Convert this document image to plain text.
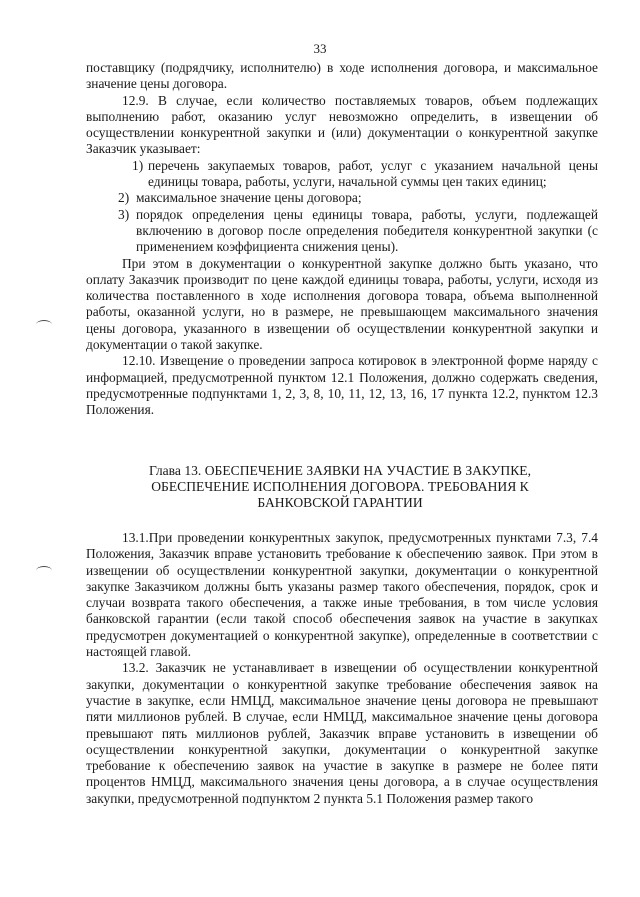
33

поставщику (подрядчику, исполнителю) в ходе исполнения договора, и максимальное значение цены договора.

12.9. В случае, если количество поставляемых товаров, объем подлежащих выполнению работ, оказанию услуг невозможно определить, в извещении об осуществлении конкурентной закупки и (или) документации о конкурентной закупке Заказчик указывает:

1) перечень закупаемых товаров, работ, услуг с указанием начальной цены единицы товара, работы, услуги, начальной суммы цен таких единиц;
2) максимальное значение цены договора;
3) порядок определения цены единицы товара, работы, услуги, подлежащей включению в договор после определения победителя конкурентной закупки (с применением коэффициента снижения цены).

При этом в документации о конкурентной закупке должно быть указано, что оплату Заказчик производит по цене каждой единицы товара, работы, услуги, исходя из количества поставленного в ходе исполнения договора товара, объема выполненной работы, оказанной услуги, но в размере, не превышающем максимального значения цены договора, указанного в извещении об осуществлении конкурентной закупки и документации о такой закупке.

12.10. Извещение о проведении запроса котировок в электронной форме наряду с информацией, предусмотренной пунктом 12.1 Положения, должно содержать сведения, предусмотренные подпунктами 1, 2, 3, 8, 10, 11, 12, 13, 16, 17 пункта 12.2, пунктом 12.3 Положения.

Глава 13. ОБЕСПЕЧЕНИЕ ЗАЯВКИ НА УЧАСТИЕ В ЗАКУПКЕ,
ОБЕСПЕЧЕНИЕ ИСПОЛНЕНИЯ ДОГОВОРА. ТРЕБОВАНИЯ К
БАНКОВСКОЙ ГАРАНТИИ

13.1.При проведении конкурентных закупок, предусмотренных пунктами 7.3, 7.4 Положения, Заказчик вправе установить требование к обеспечению заявок. При этом в извещении об осуществлении конкурентной закупки, документации о конкурентной закупке Заказчиком должны быть указаны размер такого обеспечения, порядок, срок и случаи возврата такого обеспечения, а также иные требования, в том числе условия банковской гарантии (если такой способ обеспечения заявок на участие в закупках предусмотрен документацией о конкурентной закупке), определенные в соответствии с настоящей главой.

13.2. Заказчик не устанавливает в извещении об осуществлении конкурентной закупки, документации о конкурентной закупке требование обеспечения заявок на участие в закупке, если НМЦД, максимальное значение цены договора не превышают пяти миллионов рублей. В случае, если НМЦД, максимальное значение цены договора превышают пять миллионов рублей, Заказчик вправе установить в извещении об осуществлении конкурентной закупки, документации о конкурентной закупке требование к обеспечению заявок на участие в закупке в размере не более пяти процентов НМЦД, максимального значения цены договора, а в случае осуществления закупки, предусмотренной подпунктом 2 пункта 5.1 Положения размер такого
